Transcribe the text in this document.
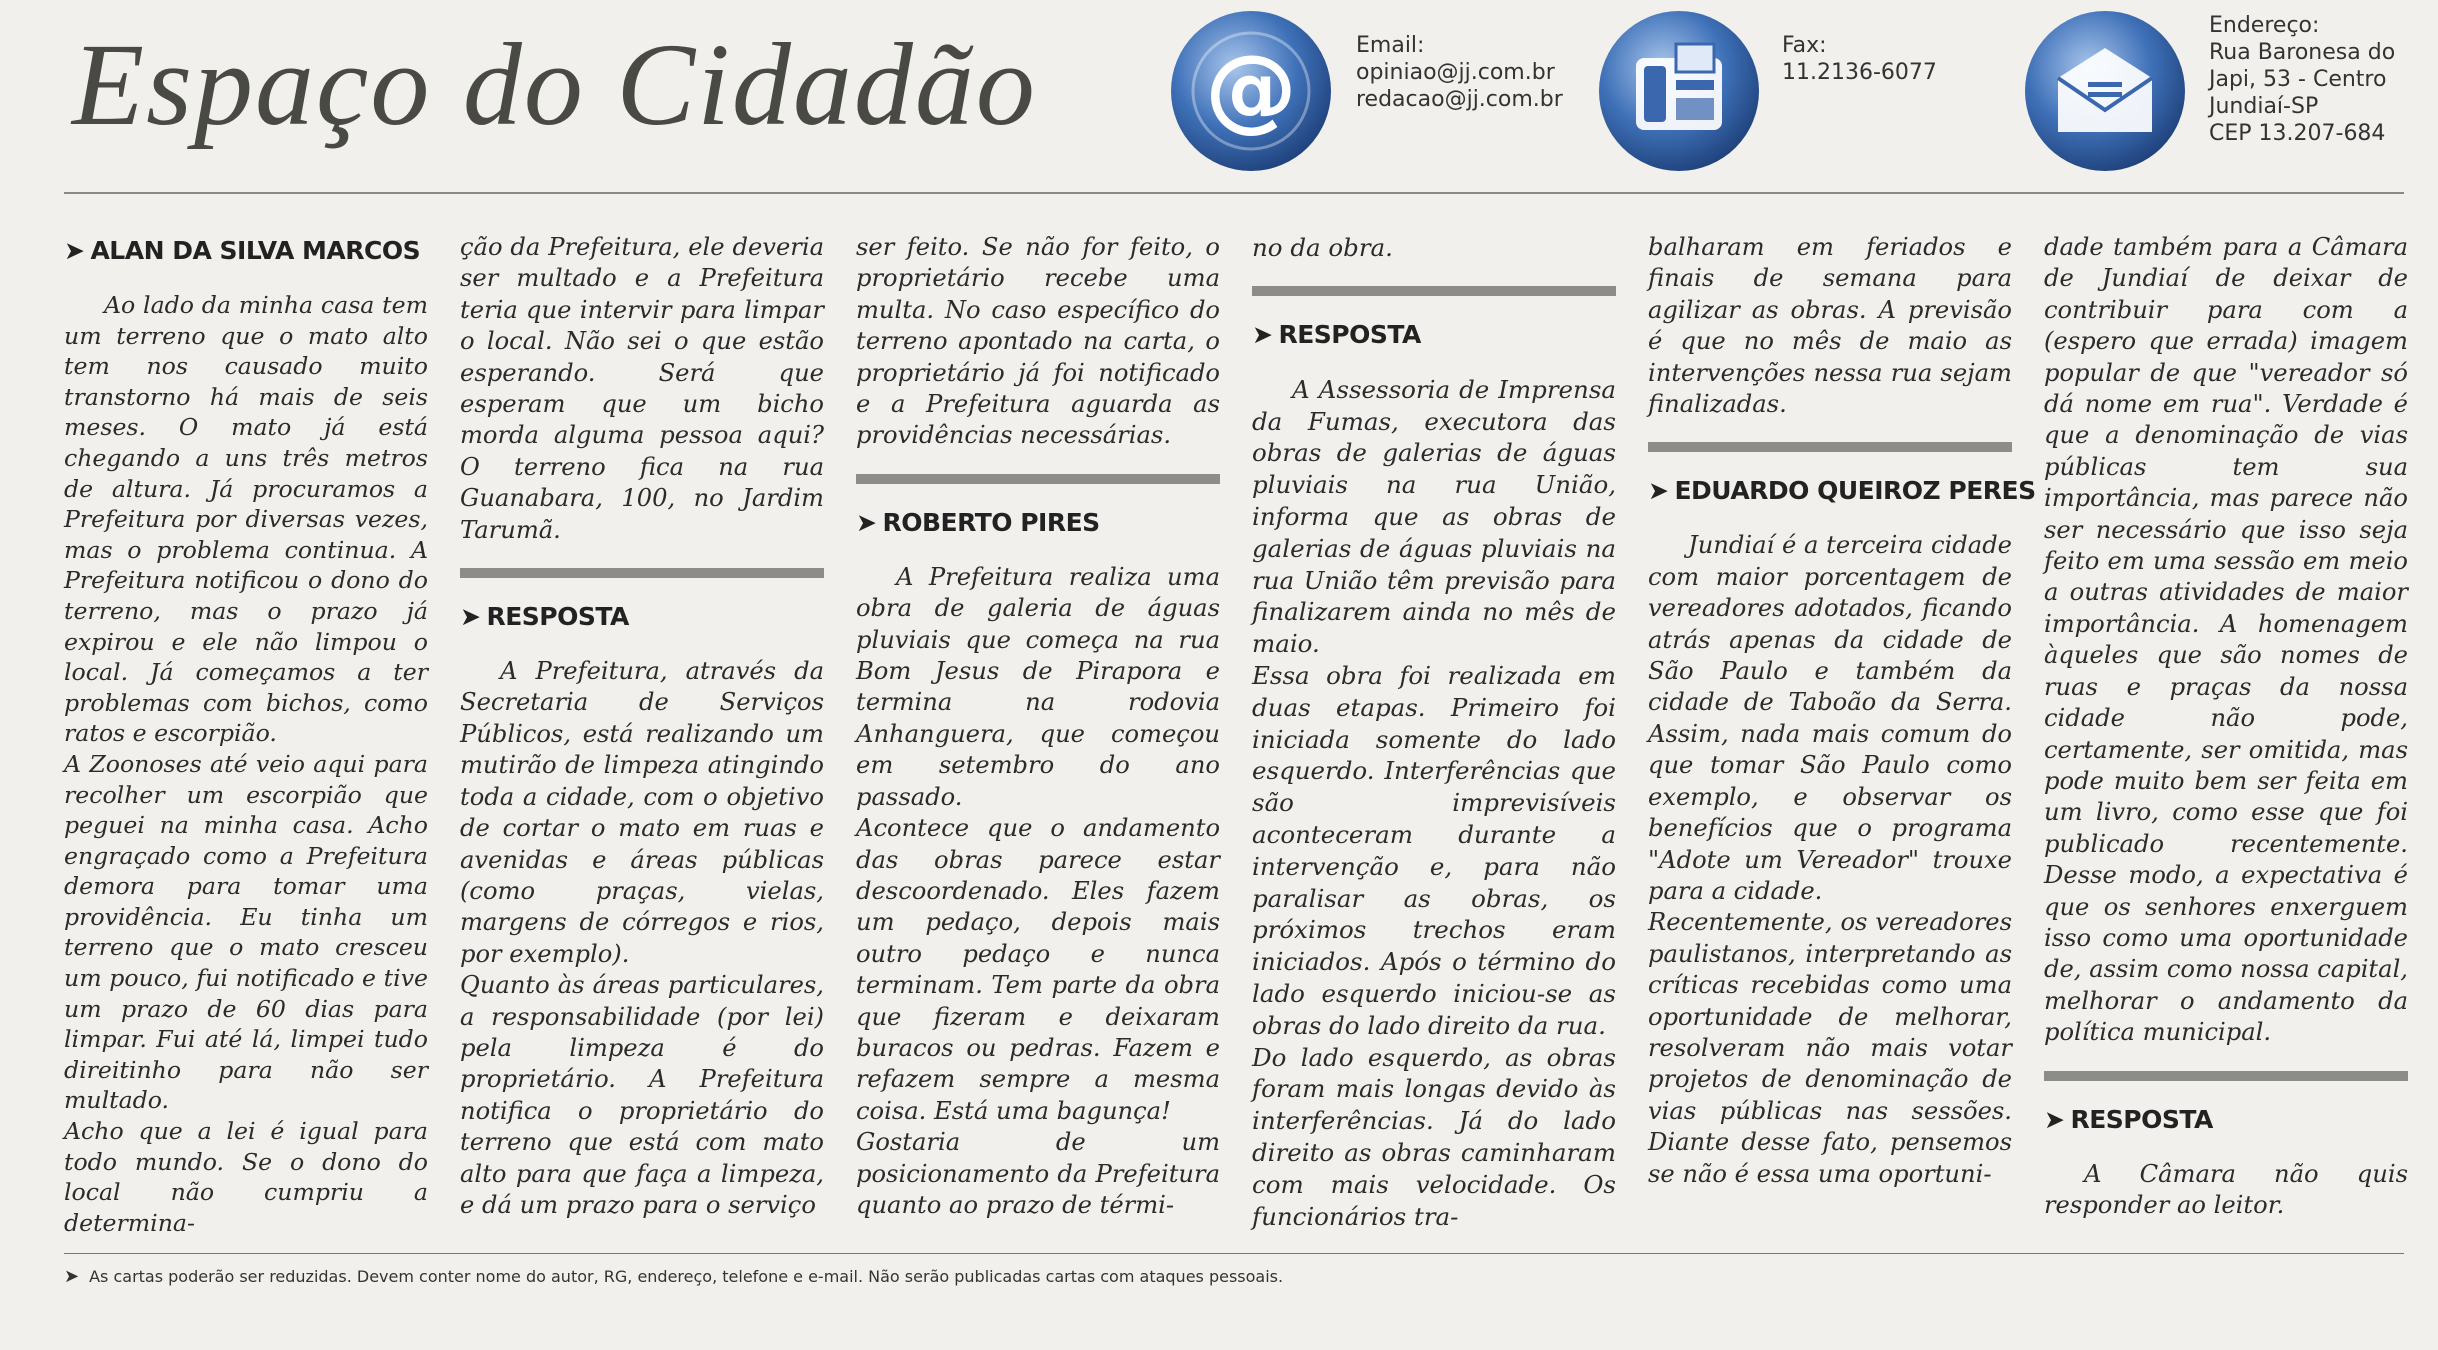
Espaço do Cidadão @	Email:
opiniao@jj.com.br
redacao@jj.com.br
Fax:
11.2136-6077
Endereço:
Rua Baronesa do
Japi, 53 - Centro
Jundiaí-SP
CEP 13.207-684
➤ ALAN DA SILVA MARCOS

Ao lado da minha casa tem um terreno que o mato alto tem nos causado muito transtorno há mais de seis meses. O mato já está chegando a uns três metros de altura. Já procuramos a Prefeitura por diversas vezes, mas o problema continua. A Prefeitura notificou o dono do terreno, mas o prazo já expirou e ele não limpou o local. Já começamos a ter problemas com bichos, como ratos e escorpião.
A Zoonoses até veio aqui para recolher um escorpião que peguei na minha casa. Acho engraçado como a Prefeitura demora para tomar uma providência. Eu tinha um terreno que o mato cresceu um pouco, fui notificado e tive um prazo de 60 dias para limpar. Fui até lá, limpei tudo direitinho para não ser multado.
Acho que a lei é igual para todo mundo. Se o dono do local não cumpriu a determina-

ção da Prefeitura, ele deveria ser multado e a Prefeitura teria que intervir para limpar o local. Não sei o que estão esperando. Será que esperam que um bicho morda alguma pessoa aqui? O terreno fica na rua Guanabara, 100, no Jardim Tarumã.

➤ RESPOSTA

A Prefeitura, através da Secretaria de Serviços Públicos, está realizando um mutirão de limpeza atingindo toda a cidade, com o objetivo de cortar o mato em ruas e avenidas e áreas públicas (como praças, vielas, margens de córregos e rios, por exemplo).
Quanto às áreas particulares, a responsabilidade (por lei) pela limpeza é do proprietário. A Prefeitura notifica o proprietário do terreno que está com mato alto para que faça a limpeza, e dá um prazo para o serviço

ser feito. Se não for feito, o proprietário recebe uma multa. No caso específico do terreno apontado na carta, o proprietário já foi notificado e a Prefeitura aguarda as providências necessárias.

➤ ROBERTO PIRES

A Prefeitura realiza uma obra de galeria de águas pluviais que começa na rua Bom Jesus de Pirapora e termina na rodovia Anhanguera, que começou em setembro do ano passado.
Acontece que o andamento das obras parece estar descoordenado. Eles fazem um pedaço, depois mais outro pedaço e nunca terminam. Tem parte da obra que fizeram e deixaram buracos ou pedras. Fazem e refazem sempre a mesma coisa. Está uma bagunça!
Gostaria de um posicionamento da Prefeitura quanto ao prazo de térmi-

no da obra.

➤ RESPOSTA

A Assessoria de Imprensa da Fumas, executora das obras de galerias de águas pluviais na rua União, informa que as obras de galerias de águas pluviais na rua União têm previsão para finalizarem ainda no mês de maio.
Essa obra foi realizada em duas etapas. Primeiro foi iniciada somente do lado esquerdo. Interferências que são imprevisíveis aconteceram durante a intervenção e, para não paralisar as obras, os próximos trechos eram iniciados. Após o término do lado esquerdo iniciou-se as obras do lado direito da rua.
Do lado esquerdo, as obras foram mais longas devido às interferências. Já do lado direito as obras caminharam com mais velocidade. Os funcionários tra-

balharam em feriados e finais de semana para agilizar as obras. A previsão é que no mês de maio as intervenções nessa rua sejam finalizadas.

➤ EDUARDO QUEIROZ PERES

Jundiaí é a terceira cidade com maior porcentagem de vereadores adotados, ficando atrás apenas da cidade de São Paulo e também da cidade de Taboão da Serra. Assim, nada mais comum do que tomar São Paulo como exemplo, e observar os benefícios que o programa "Adote um Vereador" trouxe para a cidade.
Recentemente, os vereadores paulistanos, interpretando as críticas recebidas como uma oportunidade de melhorar, resolveram não mais votar projetos de denominação de vias públicas nas sessões. Diante desse fato, pensemos se não é essa uma oportuni-

dade também para a Câmara de Jundiaí de deixar de contribuir para com a (espero que errada) imagem popular de que "vereador só dá nome em rua". Verdade é que a denominação de vias públicas tem sua importância, mas parece não ser necessário que isso seja feito em uma sessão em meio a outras atividades de maior importância. A homenagem àqueles que são nomes de ruas e praças da nossa cidade não pode, certamente, ser omitida, mas pode muito bem ser feita em um livro, como esse que foi publicado recentemente. Desse modo, a expectativa é que os senhores enxerguem isso como uma oportunidade de, assim como nossa capital, melhorar o andamento da política municipal.

➤ RESPOSTA

A Câmara não quis responder ao leitor.

➤ As cartas poderão ser reduzidas. Devem conter nome do autor, RG, endereço, telefone e e-mail. Não serão publicadas cartas com ataques pessoais.
